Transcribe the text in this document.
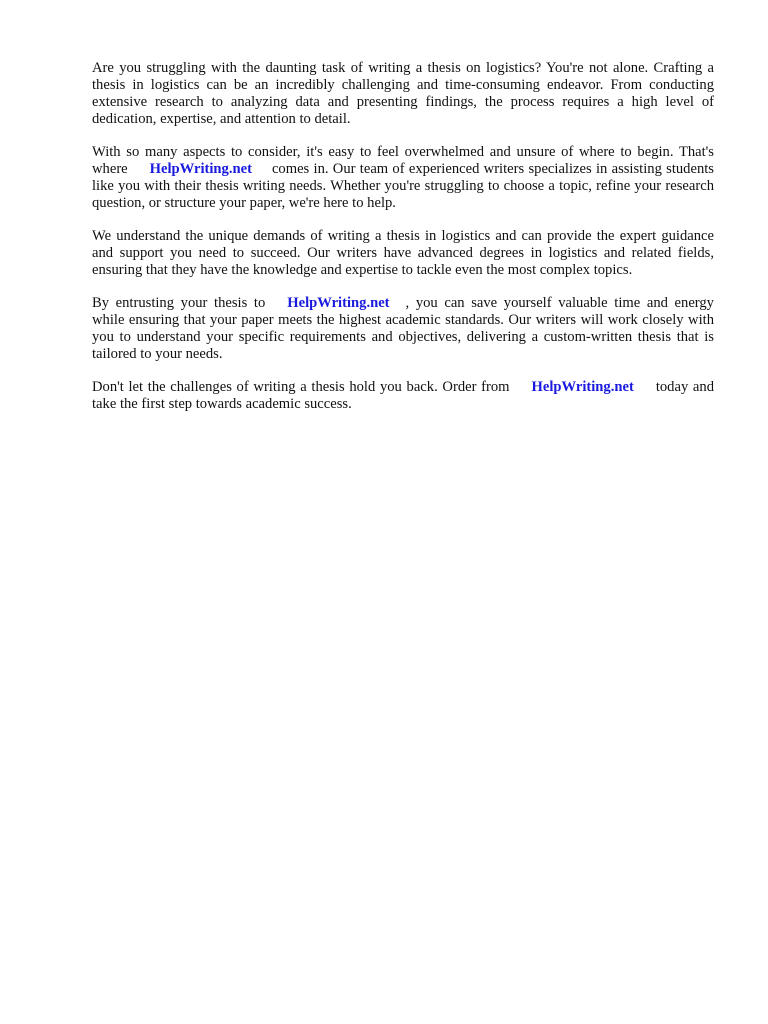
Are you struggling with the daunting task of writing a thesis on logistics? You're not alone. Crafting a thesis in logistics can be an incredibly challenging and time-consuming endeavor. From conducting extensive research to analyzing data and presenting findings, the process requires a high level of dedication, expertise, and attention to detail.

With so many aspects to consider, it's easy to feel overwhelmed and unsure of where to begin. That's where HelpWriting.net comes in. Our team of experienced writers specializes in assisting students like you with their thesis writing needs. Whether you're struggling to choose a topic, refine your research question, or structure your paper, we're here to help.

We understand the unique demands of writing a thesis in logistics and can provide the expert guidance and support you need to succeed. Our writers have advanced degrees in logistics and related fields, ensuring that they have the knowledge and expertise to tackle even the most complex topics.

By entrusting your thesis to HelpWriting.net , you can save yourself valuable time and energy while ensuring that your paper meets the highest academic standards. Our writers will work closely with you to understand your specific requirements and objectives, delivering a custom-written thesis that is tailored to your needs.

Don't let the challenges of writing a thesis hold you back. Order from HelpWriting.net today and take the first step towards academic success.
